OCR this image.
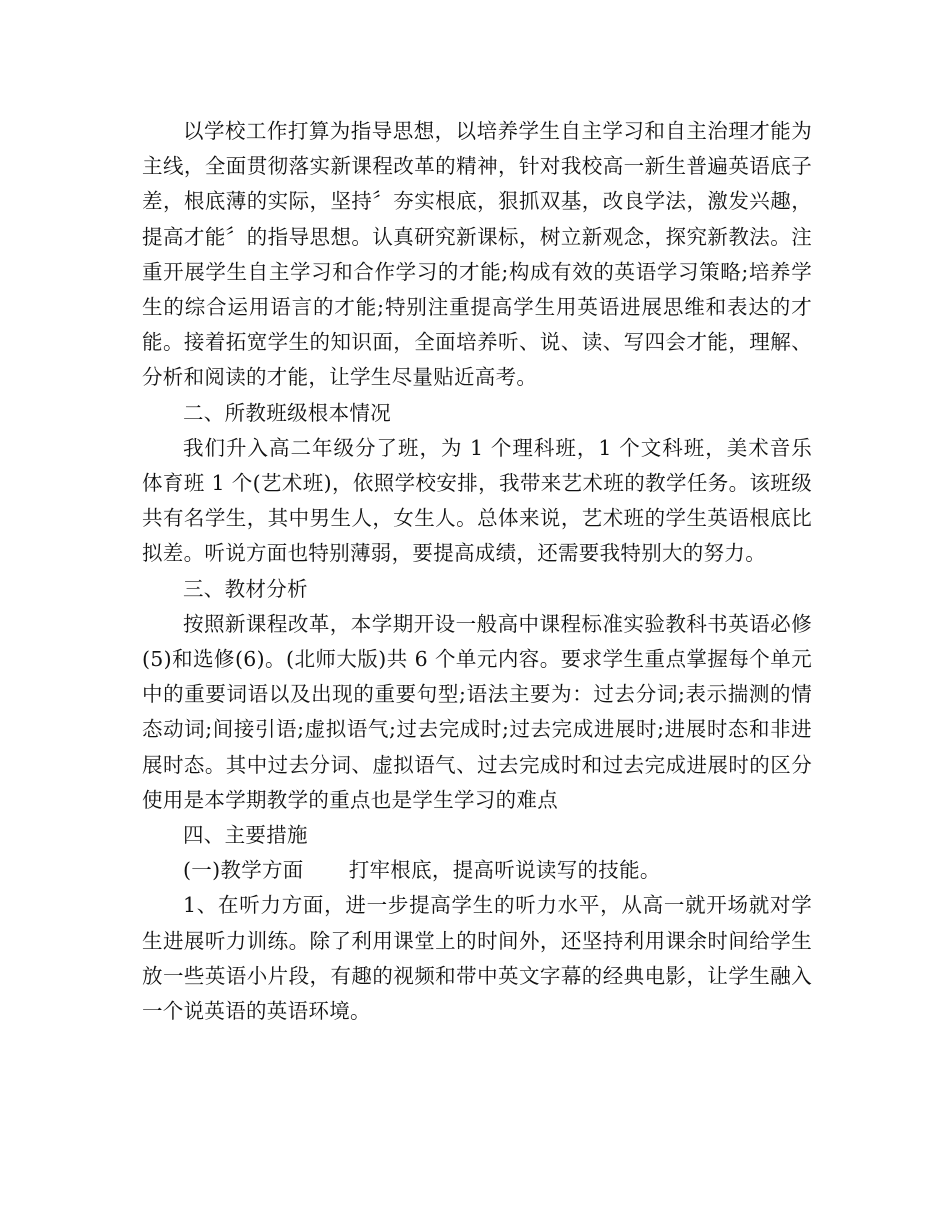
以学校工作打算为指导思想，以培养学生自主学习和自主治理才能为主线，全面贯彻落实新课程改革的精神，针对我校高一新生普遍英语底子差，根底薄的实际，坚持〞夯实根底，狠抓双基，改良学法，激发兴趣，提高才能〞的指导思想。认真研究新课标，树立新观念，探究新教法。注重开展学生自主学习和合作学习的才能;构成有效的英语学习策略;培养学生的综合运用语言的才能;特别注重提高学生用英语进展思维和表达的才能。接着拓宽学生的知识面，全面培养听、说、读、写四会才能，理解、分析和阅读的才能，让学生尽量贴近高考。

二、所教班级根本情况

我们升入高二年级分了班，为 1 个理科班，1 个文科班，美术音乐体育班 1 个(艺术班)，依照学校安排，我带来艺术班的教学任务。该班级共有名学生，其中男生人，女生人。总体来说，艺术班的学生英语根底比拟差。听说方面也特别薄弱，要提高成绩，还需要我特别大的努力。

三、教材分析

按照新课程改革，本学期开设一般高中课程标准实验教科书英语必修(5)和选修(6)。(北师大版)共 6 个单元内容。要求学生重点掌握每个单元中的重要词语以及出现的重要句型;语法主要为：过去分词;表示揣测的情态动词;间接引语;虚拟语气;过去完成时;过去完成进展时;进展时态和非进展时态。其中过去分词、虚拟语气、过去完成时和过去完成进展时的区分使用是本学期教学的重点也是学生学习的难点

四、主要措施

(一)教学方面 打牢根底，提高听说读写的技能。

1、在听力方面，进一步提高学生的听力水平，从高一就开场就对学生进展听力训练。除了利用课堂上的时间外，还坚持利用课余时间给学生放一些英语小片段，有趣的视频和带中英文字幕的经典电影，让学生融入一个说英语的英语环境。
